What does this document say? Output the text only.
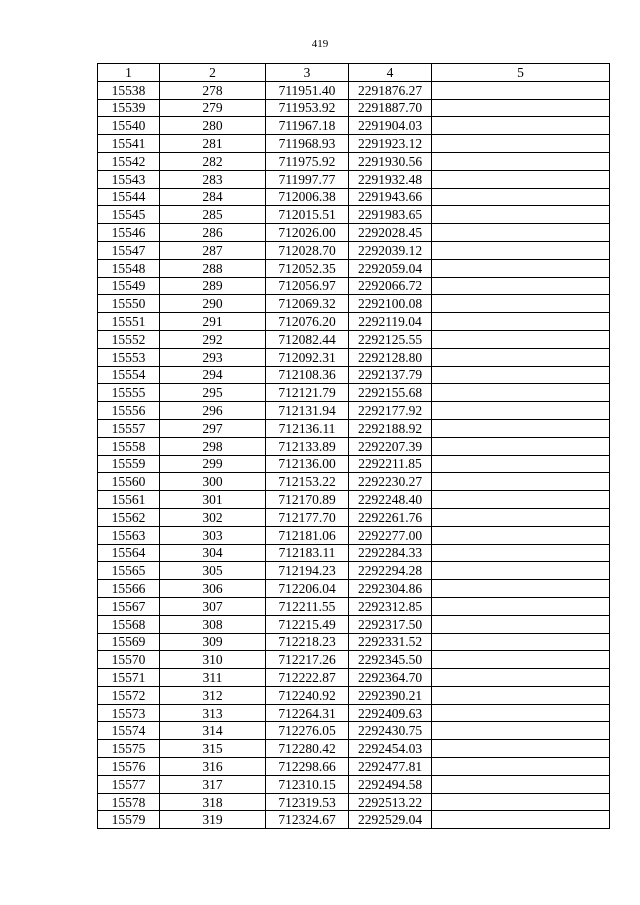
419
1	2	3	4	5
15538	278	711951.40	2291876.27	
15539	279	711953.92	2291887.70	
15540	280	711967.18	2291904.03	
15541	281	711968.93	2291923.12	
15542	282	711975.92	2291930.56	
15543	283	711997.77	2291932.48	
15544	284	712006.38	2291943.66	
15545	285	712015.51	2291983.65	
15546	286	712026.00	2292028.45	
15547	287	712028.70	2292039.12	
15548	288	712052.35	2292059.04	
15549	289	712056.97	2292066.72	
15550	290	712069.32	2292100.08	
15551	291	712076.20	2292119.04	
15552	292	712082.44	2292125.55	
15553	293	712092.31	2292128.80	
15554	294	712108.36	2292137.79	
15555	295	712121.79	2292155.68	
15556	296	712131.94	2292177.92	
15557	297	712136.11	2292188.92	
15558	298	712133.89	2292207.39	
15559	299	712136.00	2292211.85	
15560	300	712153.22	2292230.27	
15561	301	712170.89	2292248.40	
15562	302	712177.70	2292261.76	
15563	303	712181.06	2292277.00	
15564	304	712183.11	2292284.33	
15565	305	712194.23	2292294.28	
15566	306	712206.04	2292304.86	
15567	307	712211.55	2292312.85	
15568	308	712215.49	2292317.50	
15569	309	712218.23	2292331.52	
15570	310	712217.26	2292345.50	
15571	311	712222.87	2292364.70	
15572	312	712240.92	2292390.21	
15573	313	712264.31	2292409.63	
15574	314	712276.05	2292430.75	
15575	315	712280.42	2292454.03	
15576	316	712298.66	2292477.81	
15577	317	712310.15	2292494.58	
15578	318	712319.53	2292513.22	
15579	319	712324.67	2292529.04	
